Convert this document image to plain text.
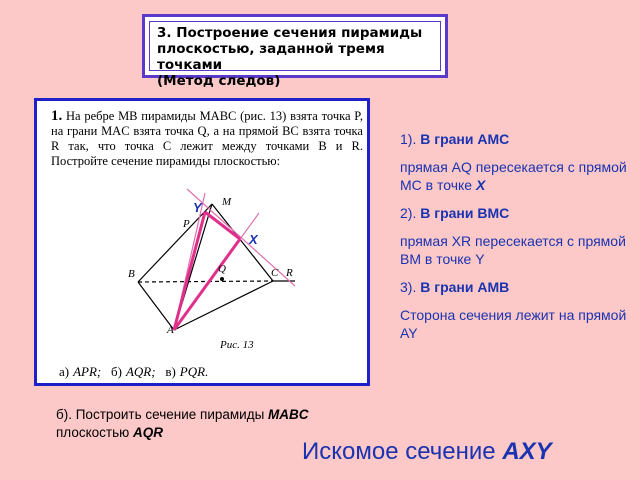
3. Построение сечения пирамиды
плоскостью, заданной тремя точками
(Метод следов)
1. На ребре MB пирамиды MABC (рис. 13) взята точка P, на грани MAC взята точка Q, а на прямой BC взята точка R так, что точка C лежит между точками B и R. Постройте сечение пирамиды плоскостью:
M
P
Q
B	C R
A
X
Y
Рис. 13
а) APR; б) AQR; в) PQR.
1). В грани АМС
прямая AQ пересекается с прямой МС в точке X
2). В грани ВМС
прямая XR пересекается с прямой ВМ в точке Y
3). В грани АМВ
Сторона сечения лежит на прямой AY
б). Построить сечение пирамиды MABC
плоскостью AQR
Искомое сечение AXY
